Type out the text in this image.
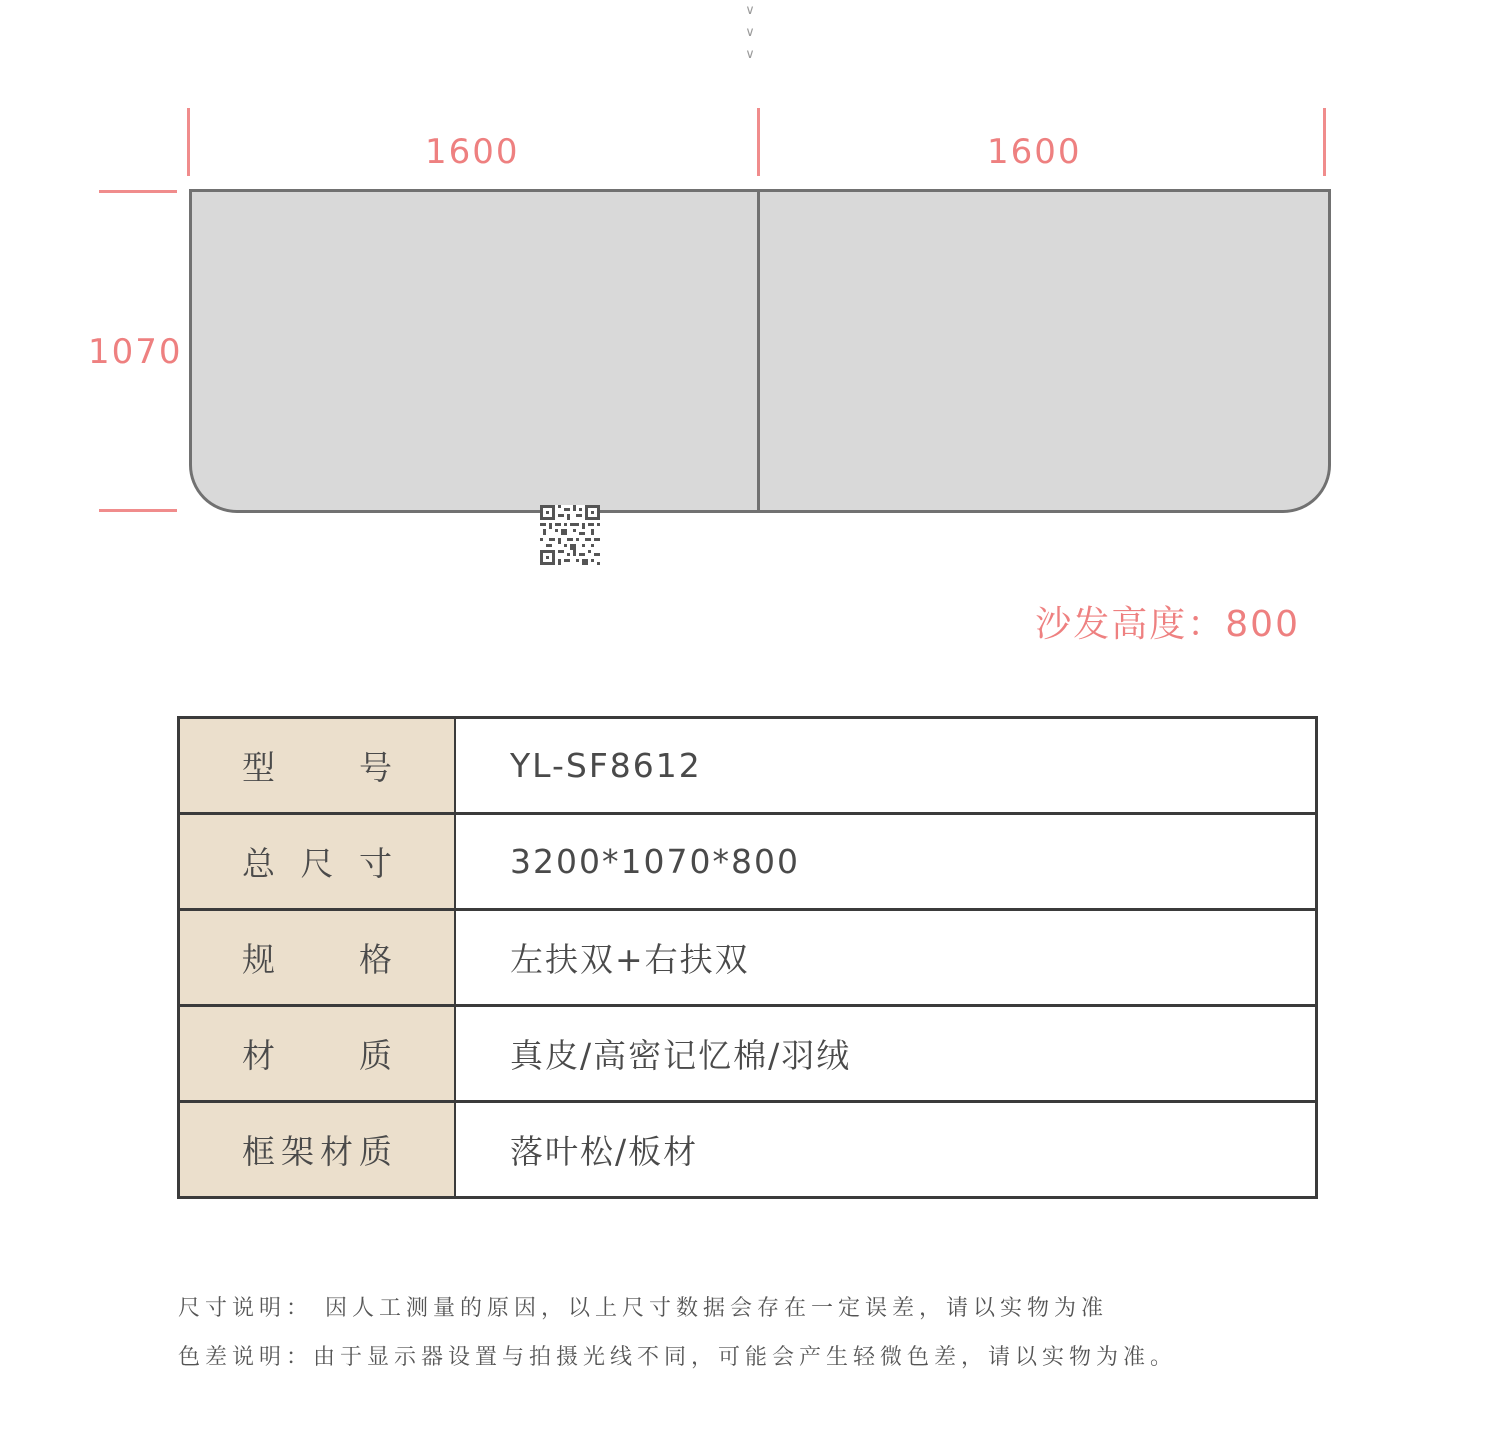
∨
∨
∨
1600	1600
1070
沙发高度：800
型号	YL-SF8612
总尺寸	3200*1070*800
规格	左扶双+右扶双
材质	真皮/高密记忆棉/羽绒
框架材质	落叶松/板材
尺寸说明： 因人工测量的原因，以上尺寸数据会存在一定误差，请以实物为准
色差说明：由于显示器设置与拍摄光线不同，可能会产生轻微色差，请以实物为准。
